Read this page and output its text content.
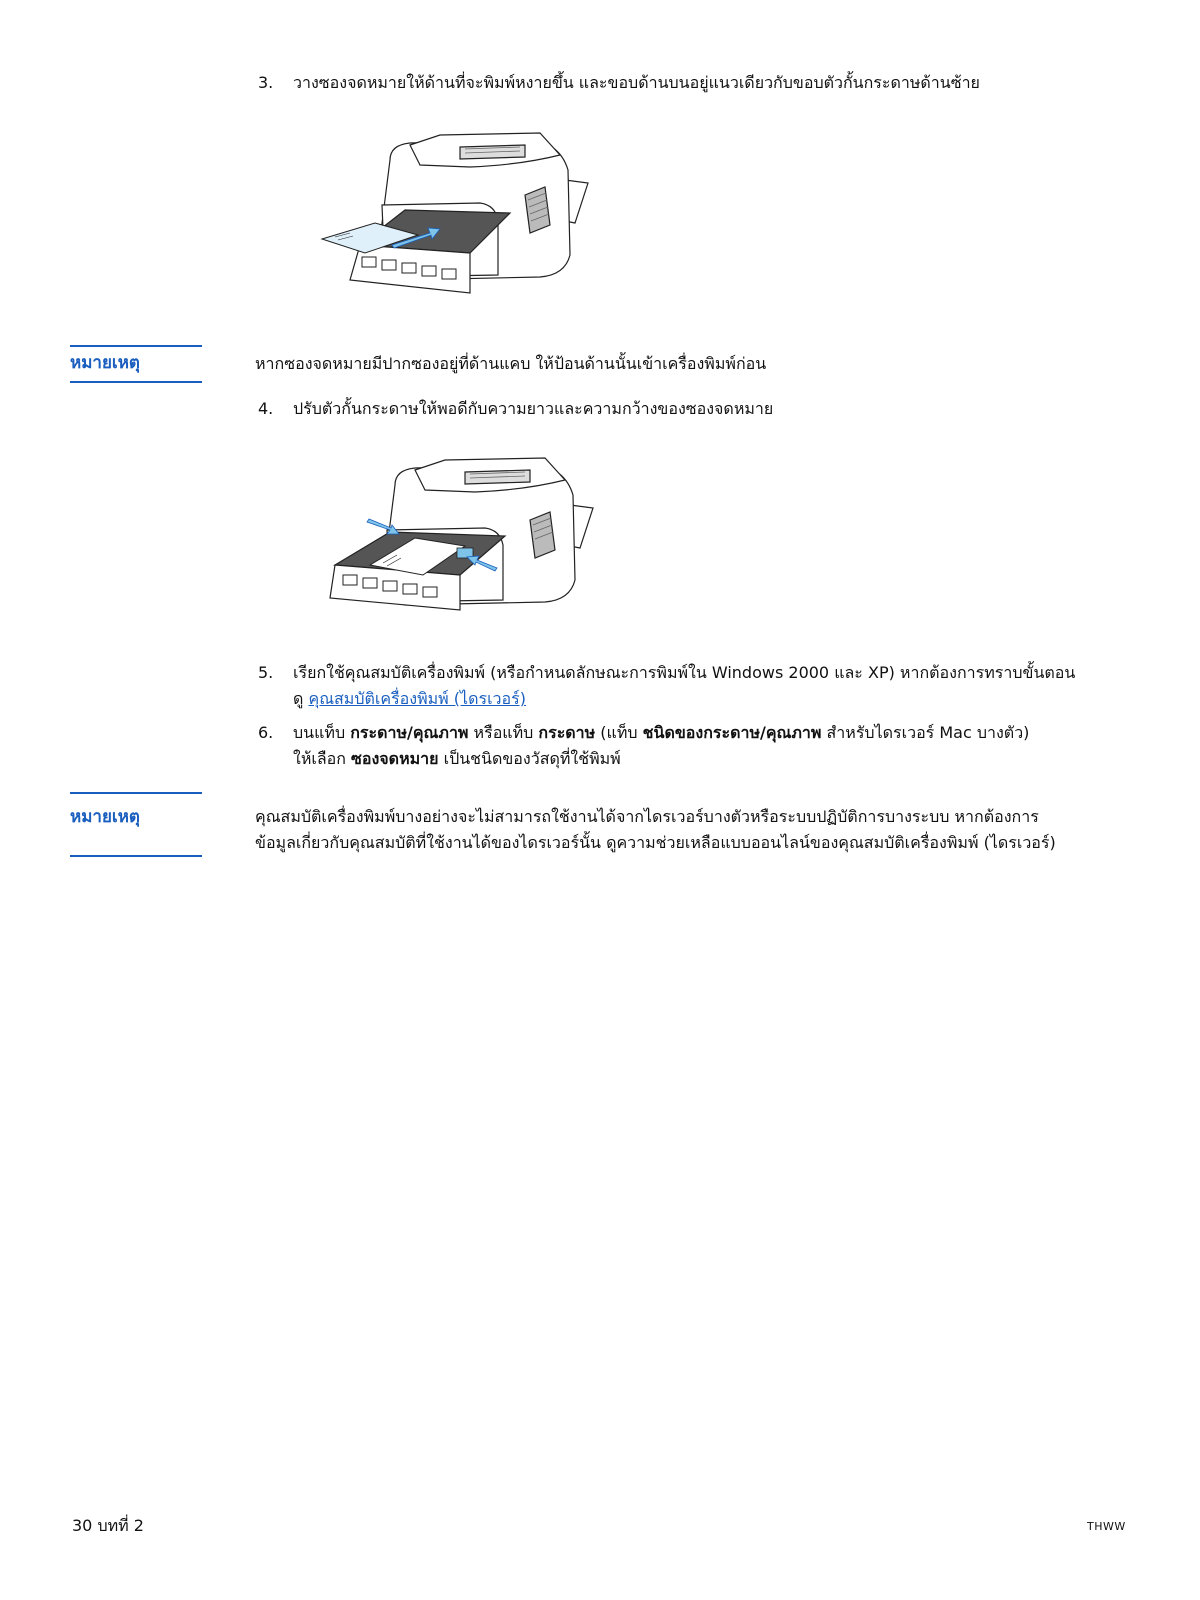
3. วางซองจดหมายให้ด้านที่จะพิมพ์หงายขึ้น และขอบด้านบนอยู่แนวเดียวกับขอบตัวกั้นกระดาษด้านซ้าย
หมายเหตุ	หากซองจดหมายมีปากซองอยู่ที่ด้านแคบ ให้ป้อนด้านนั้นเข้าเครื่องพิมพ์ก่อน
4. ปรับตัวกั้นกระดาษให้พอดีกับความยาวและความกว้างของซองจดหมาย
5. เรียกใช้คุณสมบัติเครื่องพิมพ์ (หรือกำหนดลักษณะการพิมพ์ใน Windows 2000 และ XP) หากต้องการทราบขั้นตอน
ดู คุณสมบัติเครื่องพิมพ์ (ไดรเวอร์)
6. บนแท็บ กระดาษ/คุณภาพ หรือแท็บ กระดาษ (แท็บ ชนิดของกระดาษ/คุณภาพ สำหรับไดรเวอร์ Mac บางตัว)
ให้เลือก ซองจดหมาย เป็นชนิดของวัสดุที่ใช้พิมพ์
หมายเหตุ	คุณสมบัติเครื่องพิมพ์บางอย่างจะไม่สามารถใช้งานได้จากไดรเวอร์บางตัวหรือระบบปฏิบัติการบางระบบ หากต้องการ
ข้อมูลเกี่ยวกับคุณสมบัติที่ใช้งานได้ของไดรเวอร์นั้น ดูความช่วยเหลือแบบออนไลน์ของคุณสมบัติเครื่องพิมพ์ (ไดรเวอร์)
30 บทที่ 2	THWW
